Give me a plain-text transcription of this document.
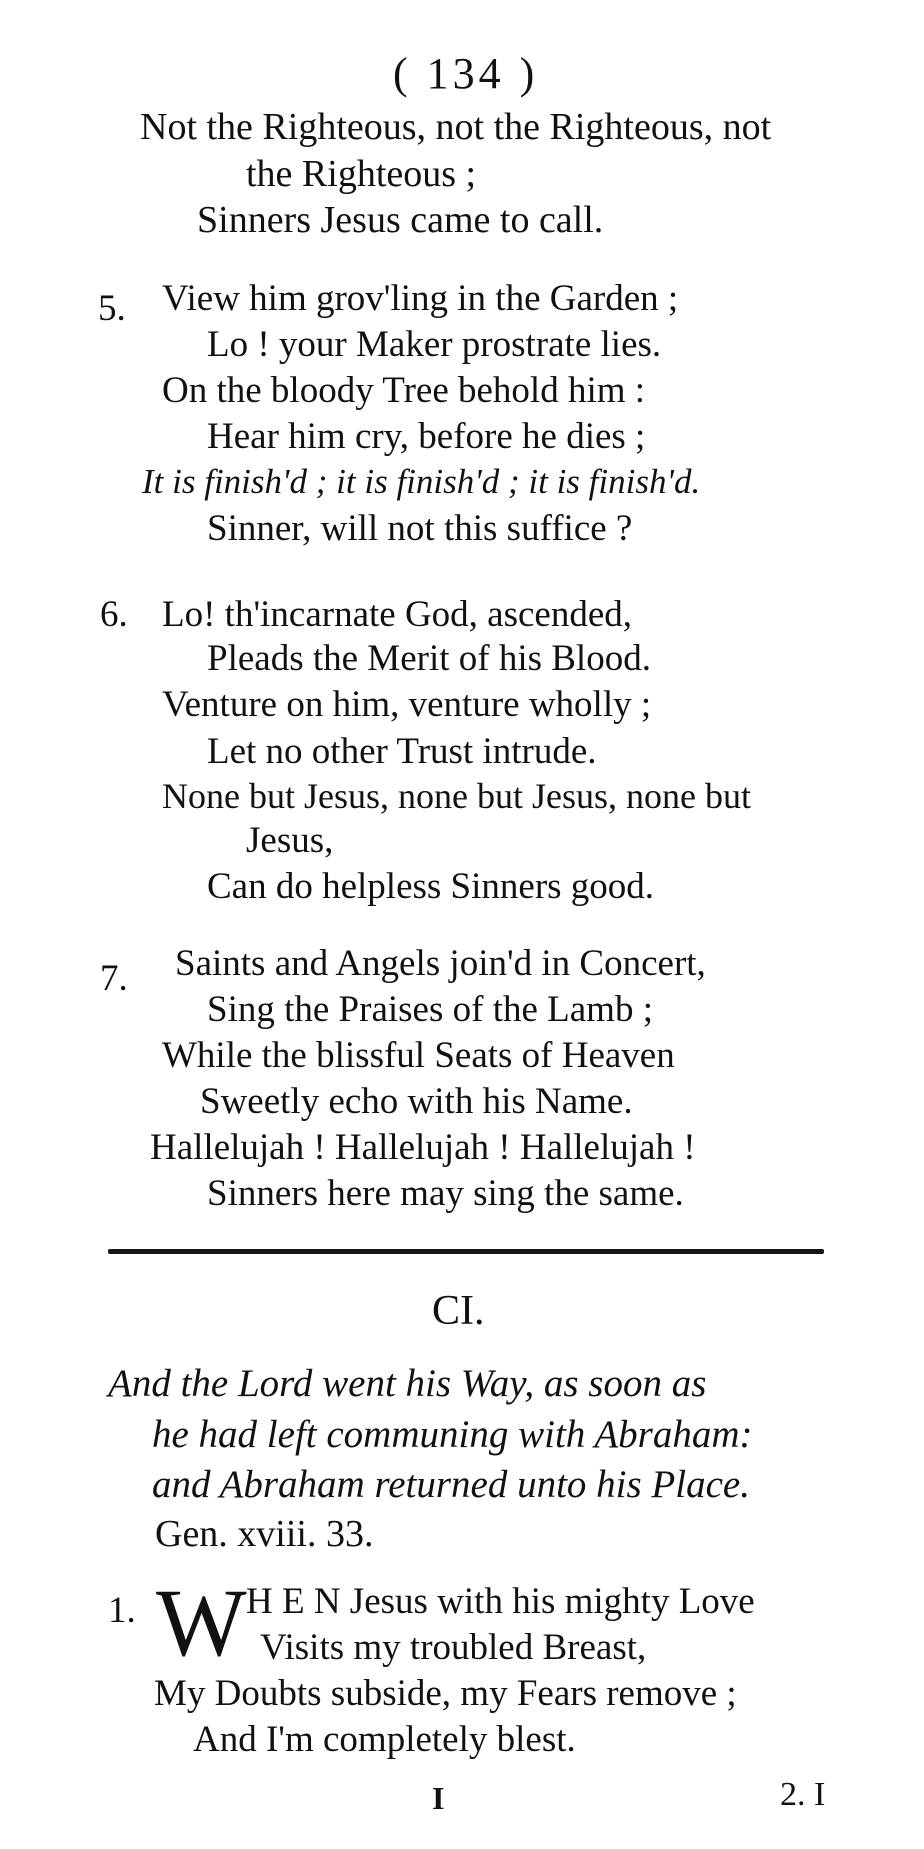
( 134 )
Not the Righteous, not the Righteous, not
the Righteous ;
Sinners Jesus came to call.
5. View him grov'ling in the Garden ;
Lo ! your Maker prostrate lies.
On the bloody Tree behold him :
Hear him cry, before he dies ;
It is finish'd ; it is finish'd ; it is finish'd.
Sinner, will not this suffice ?
6. Lo! th'incarnate God, ascended,
Pleads the Merit of his Blood.
Venture on him, venture wholly ;
Let no other Trust intrude.
None but Jesus, none but Jesus, none but
Jesus,
Can do helpless Sinners good.
7. Saints and Angels join'd in Concert,
Sing the Praises of the Lamb ;
While the blissful Seats of Heaven
Sweetly echo with his Name.
Hallelujah ! Hallelujah ! Hallelujah !
Sinners here may sing the same.
CI.
And the Lord went his Way, as soon as
he had left communing with Abraham:
and Abraham returned unto his Place.
Gen. xviii. 33.
1. W H E N Jesus with his mighty Love
Visits my troubled Breast,
My Doubts subside, my Fears remove ;
And I'm completely blest.
I	2. I
